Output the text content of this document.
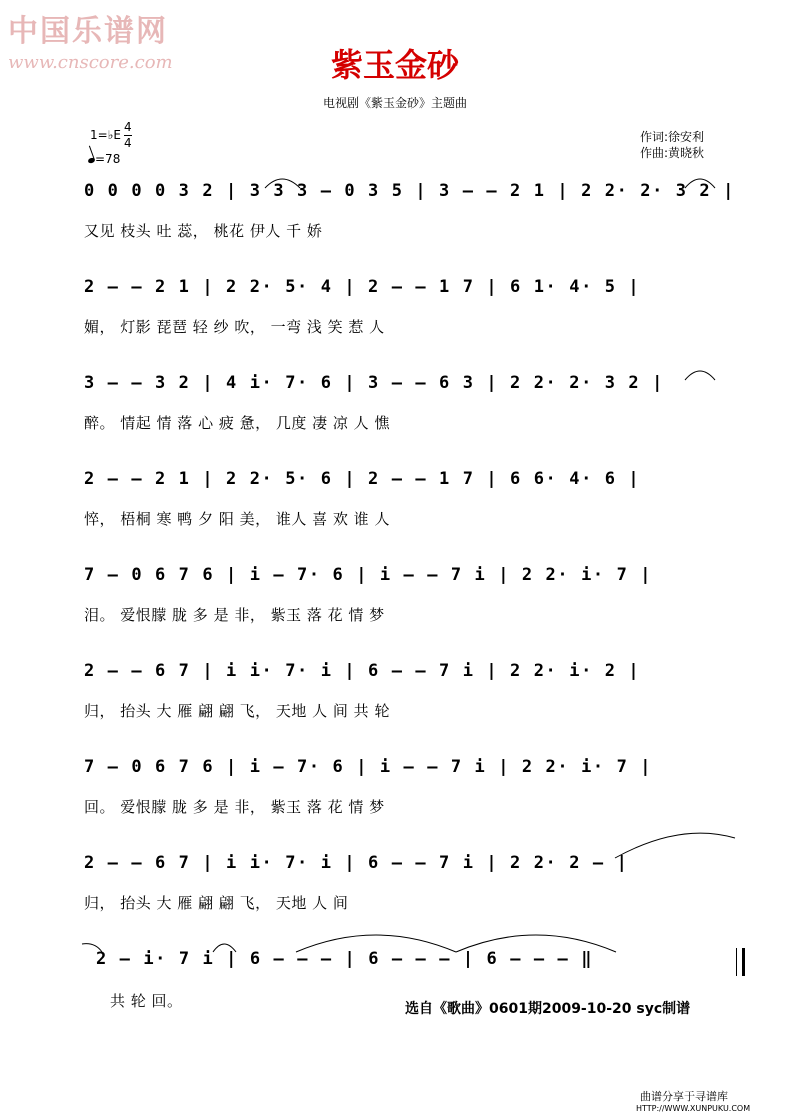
中国乐谱网
www.cnscore.com	紫玉金砂
电视剧《紫玉金砂》主题曲
作词:徐安利
作曲:黄晓秋
1=♭E
4
4
=78
0 0 0 0 3 2 | 3 3 3 — 0 3 5 | 3 — — 2 1 | 2 2· 2· 3 2 |
又见 枝头 吐 蕊， 桃花 伊人 千 娇
2 — — 2 1 | 2 2· 5· 4 | 2 — — 1 7 | 6 1· 4· 5 |
媚， 灯影 琵琶 轻 纱 吹， 一弯 浅 笑 惹 人
3 — — 3 2 | 4 i· 7· 6 | 3 — — 6 3 | 2 2· 2· 3 2 |
醉。 情起 情 落 心 疲 惫， 几度 凄 凉 人 憔
2 — — 2 1 | 2 2· 5· 6 | 2 — — 1 7 | 6 6· 4· 6 |
悴， 梧桐 寒 鸭 夕 阳 美， 谁人 喜 欢 谁 人
7 — 0 6 7 6 | i — 7· 6 | i — — 7 i | 2 2· i· 7 |
泪。 爱恨朦 胧 多 是 非， 紫玉 落 花 情 梦
2 — — 6 7 | i i· 7· i | 6 — — 7 i | 2 2· i· 2 |
归， 抬头 大 雁 翩 翩 飞， 天地 人 间 共 轮
7 — 0 6 7 6 | i — 7· 6 | i — — 7 i | 2 2· i· 7 |
回。 爱恨朦 胧 多 是 非， 紫玉 落 花 情 梦
2 — — 6 7 | i i· 7· i | 6 — — 7 i | 2 2· 2 — |
归， 抬头 大 雁 翩 翩 飞， 天地 人 间
2 — i· 7 i | 6 — — — | 6 — — — | 6 — — — ‖
共 轮 回。	选自《歌曲》0601期2009-10-20 syc制谱
曲谱分享于寻谱库
HTTP://WWW.XUNPUKU.COM
